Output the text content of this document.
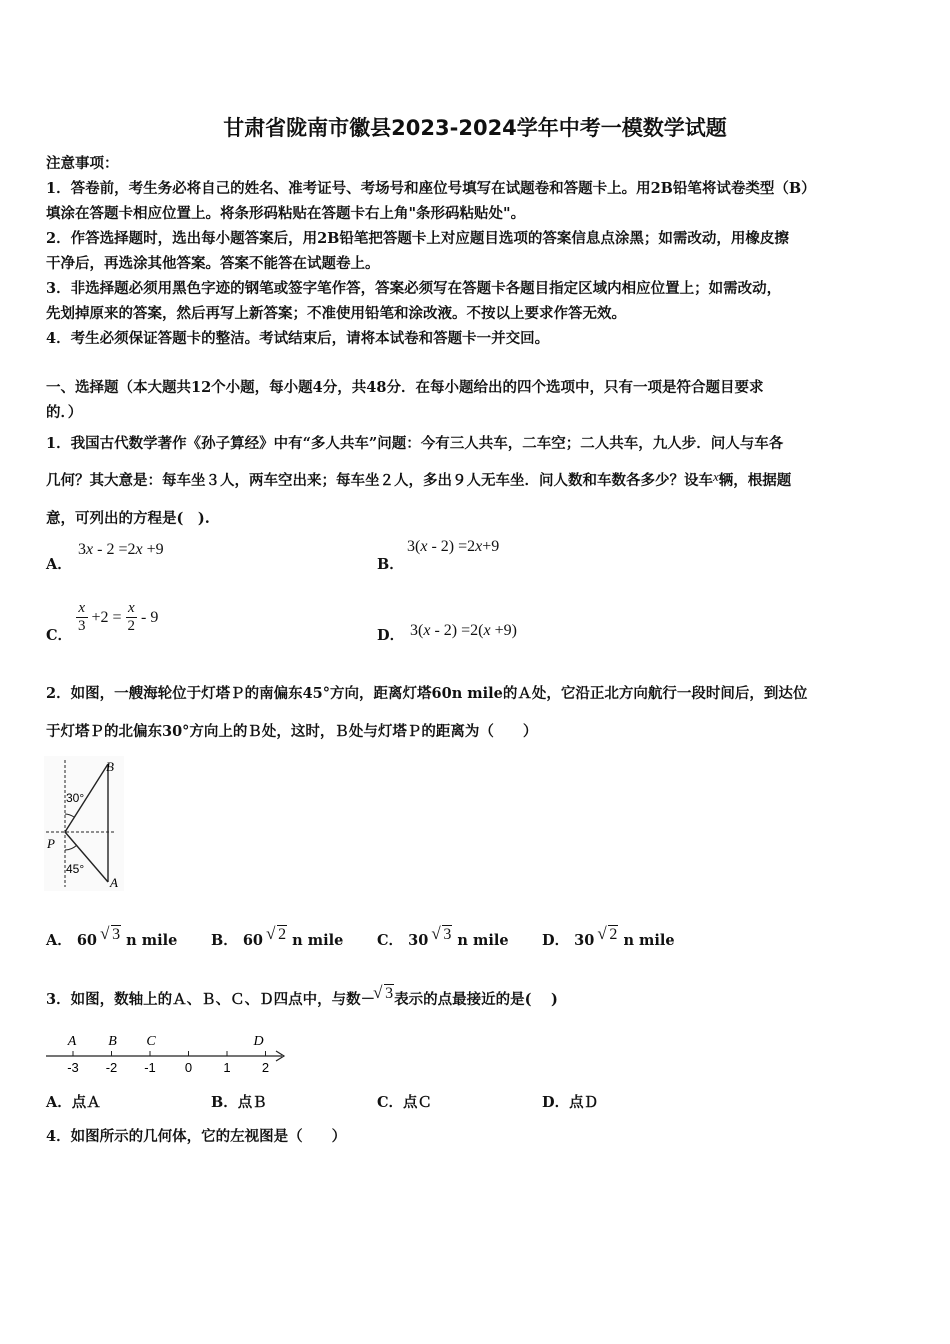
甘肃省陇南市徽县2023-2024学年中考一模数学试题
注意事项：
1．答卷前，考生务必将自己的姓名、准考证号、考场号和座位号填写在试题卷和答题卡上。用2B铅笔将试卷类型（B）
填涂在答题卡相应位置上。将条形码粘贴在答题卡右上角"条形码粘贴处"。
2．作答选择题时，选出每小题答案后，用2B铅笔把答题卡上对应题目选项的答案信息点涂黑；如需改动，用橡皮擦
干净后，再选涂其他答案。答案不能答在试题卷上。
3．非选择题必须用黑色字迹的钢笔或签字笔作答，答案必须写在答题卡各题目指定区域内相应位置上；如需改动，
先划掉原来的答案，然后再写上新答案；不准使用铅笔和涂改液。不按以上要求作答无效。
4．考生必须保证答题卡的整洁。考试结束后，请将本试卷和答题卡一并交回。
一、选择题（本大题共12个小题，每小题4分，共48分．在每小题给出的四个选项中，只有一项是符合题目要求
的．）
1．我国古代数学著作《孙子算经》中有“多人共车”问题：今有三人共车，二车空；二人共车，九人步．问人与车各
几何？其大意是：每车坐３人，两车空出来；每车坐２人，多出９人无车坐．问人数和车数各多少？设车x辆，根据题
意，可列出的方程是(　).
A．
3x - 2 =2x +9
B．
3(x - 2) =2x+9
C．
$\frac{x}{3} +2 = \frac{x}{2} - 9$
D． 3(x - 2) =2(x +9)
2．如图，一艘海轮位于灯塔Ｐ的南偏东45°方向，距离灯塔60n mile的Ａ处，它沿正北方向航行一段时间后，到达位
于灯塔Ｐ的北偏东30°方向上的Ｂ处，这时，Ｂ处与灯塔Ｐ的距离为（　　）
B
A
P
30°
45°
A． 60 √ 3 n mile B． 60 √ 2 n mile C． 30 √ 3 n mile D． 30 √ 2 n mile
3．如图，数轴上的Ａ、Ｂ、Ｃ、Ｄ四点中，与数－ √ 3表示的点最接近的是(　 )
-3 -2 -1 0 1 2
A B C	D
A．点Ａ	B．点Ｂ	C．点Ｃ	D．点Ｄ
4．如图所示的几何体，它的左视图是（　　）
